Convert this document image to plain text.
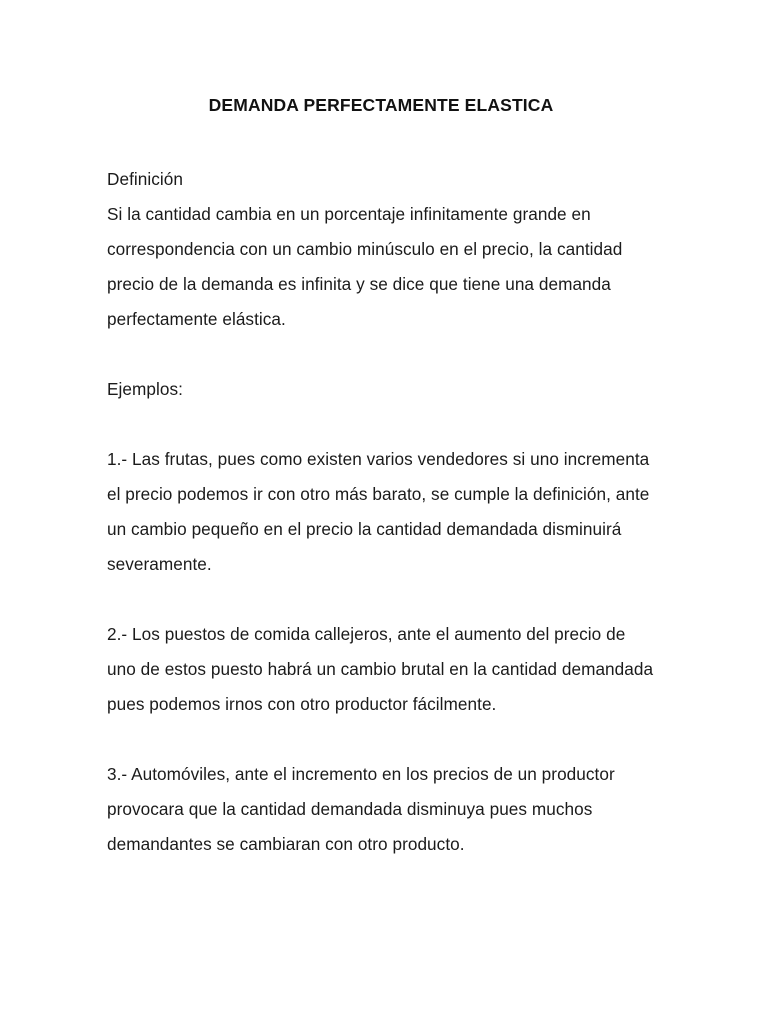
DEMANDA PERFECTAMENTE ELASTICA

Definición

Si la cantidad cambia en un porcentaje infinitamente grande en correspondencia con un cambio minúsculo en el precio, la cantidad precio de la demanda es infinita y se dice que tiene una demanda perfectamente elástica.

Ejemplos:

1.- Las frutas, pues como existen varios vendedores si uno incrementa el precio podemos ir con otro más barato, se cumple la definición, ante un cambio pequeño en el precio la cantidad demandada disminuirá severamente.

2.- Los puestos de comida callejeros, ante el aumento del precio de uno de estos puesto habrá un cambio brutal en la cantidad demandada pues podemos irnos con otro productor fácilmente.

3.- Automóviles, ante el incremento en los precios de un productor provocara que la cantidad demandada disminuya pues muchos demandantes se cambiaran con otro producto.
